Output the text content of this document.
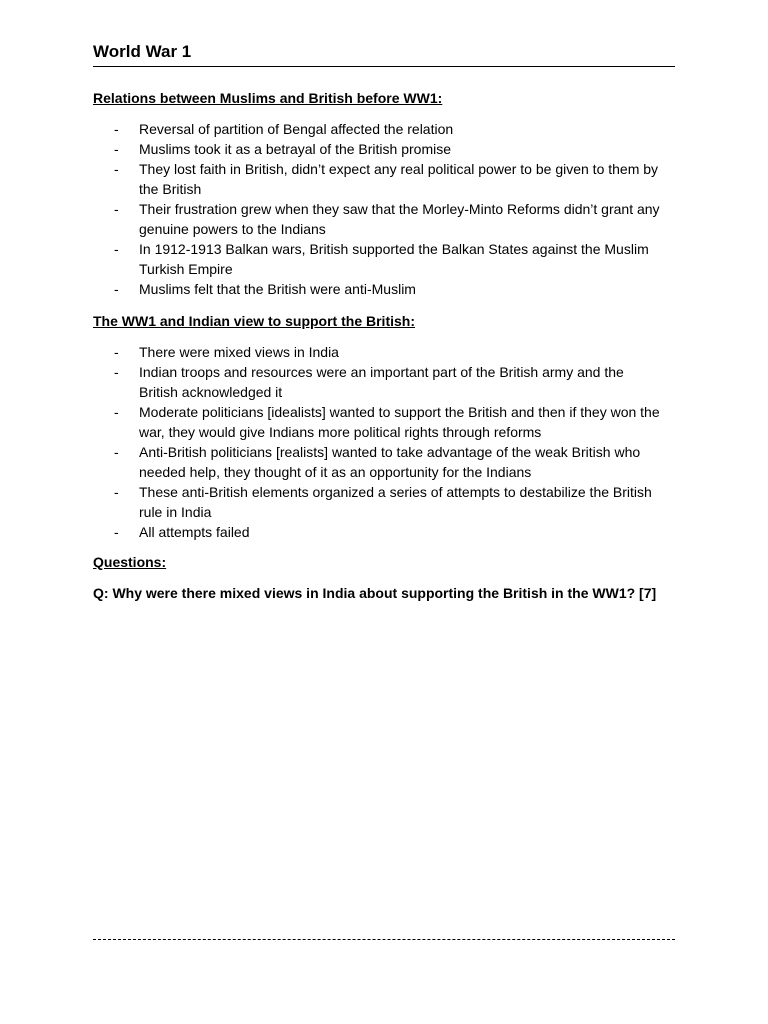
World War 1
Relations between Muslims and British before WW1:
- Reversal of partition of Bengal affected the relation
- Muslims took it as a betrayal of the British promise
- They lost faith in British, didn’t expect any real political power to be given to them by the British
- Their frustration grew when they saw that the Morley-Minto Reforms didn’t grant any genuine powers to the Indians
- In 1912-1913 Balkan wars, British supported the Balkan States against the Muslim Turkish Empire
- Muslims felt that the British were anti-Muslim
The WW1 and Indian view to support the British:
- There were mixed views in India
- Indian troops and resources were an important part of the British army and the British acknowledged it
- Moderate politicians [idealists] wanted to support the British and then if they won the war, they would give Indians more political rights through reforms
- Anti-British politicians [realists] wanted to take advantage of the weak British who needed help, they thought of it as an opportunity for the Indians
- These anti-British elements organized a series of attempts to destabilize the British rule in India
- All attempts failed
Questions:

Q: Why were there mixed views in India about supporting the British in the WW1? [7]
